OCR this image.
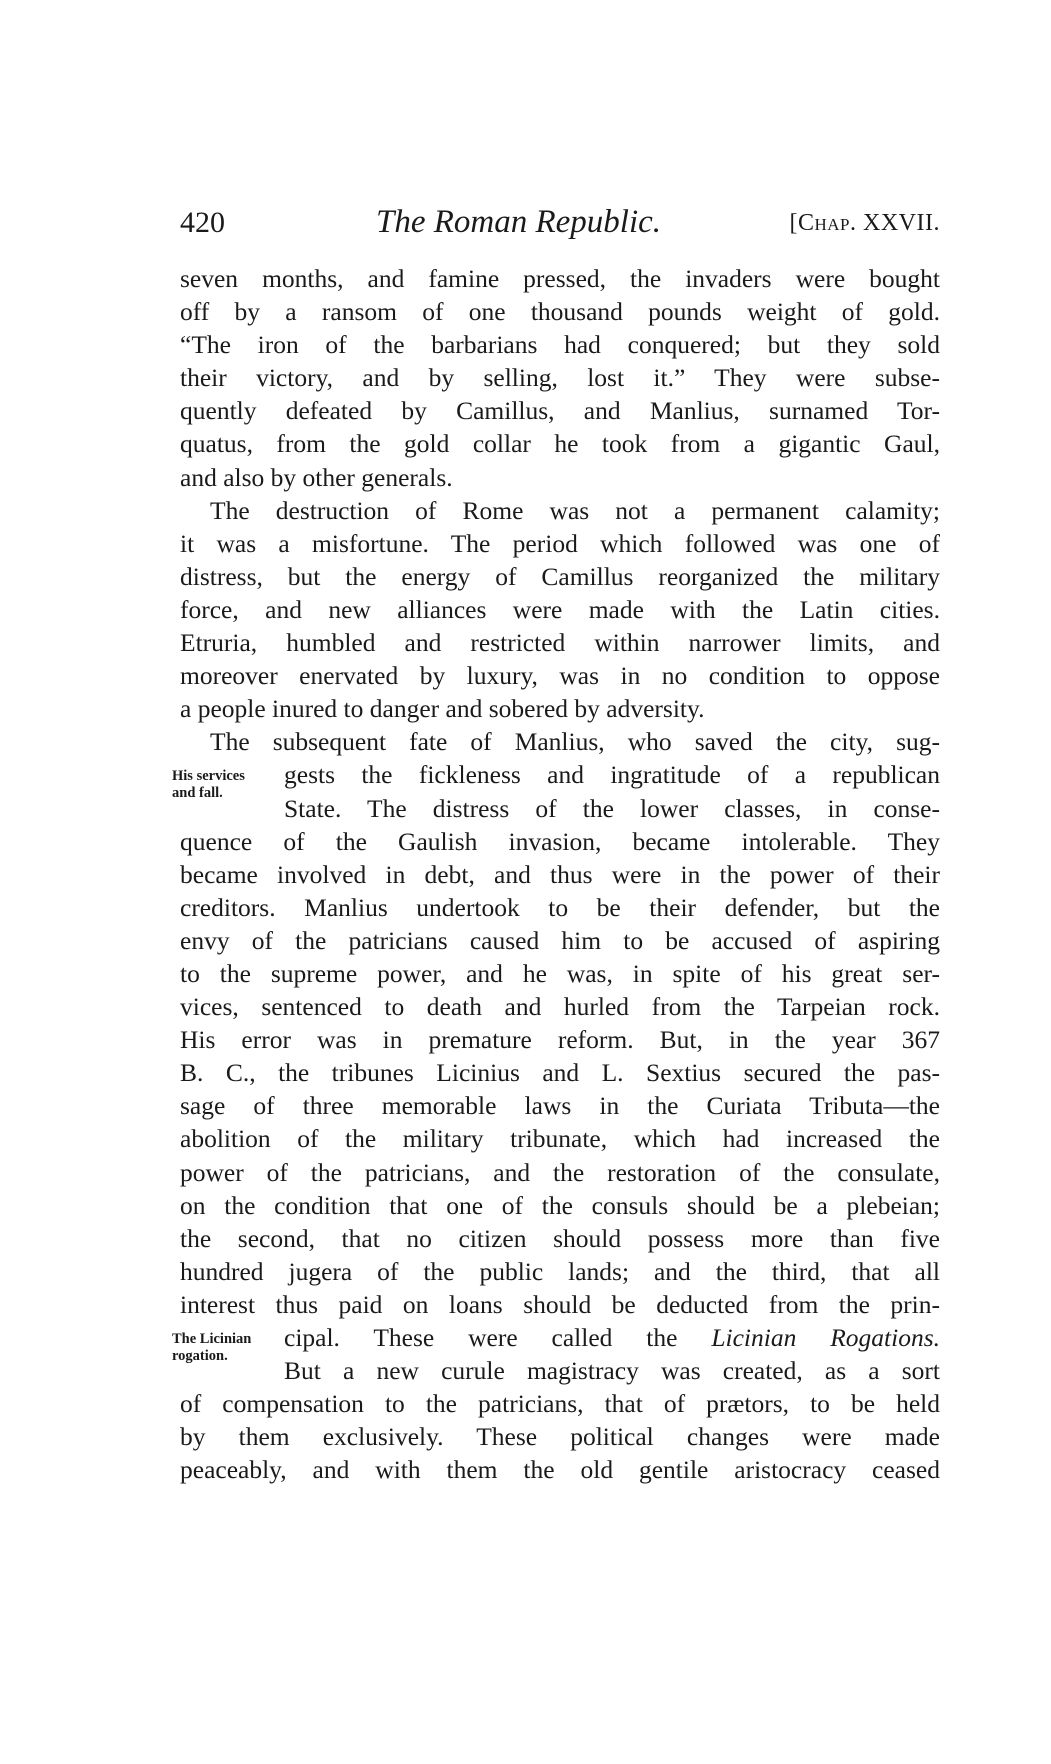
420	The Roman Republic.	[Chap. XXVII.

seven months, and famine pressed, the invaders were bought
off by a ransom of one thousand pounds weight of gold.
“The iron of the barbarians had conquered; but they sold
their victory, and by selling, lost it.” They were subse-
quently defeated by Camillus, and Manlius, surnamed Tor-
quatus, from the gold collar he took from a gigantic Gaul,
and also by other generals.

The destruction of Rome was not a permanent calamity;
it was a misfortune. The period which followed was one of
distress, but the energy of Camillus reorganized the military
force, and new alliances were made with the Latin cities.
Etruria, humbled and restricted within narrower limits, and
moreover enervated by luxury, was in no condition to oppose
a people inured to danger and sobered by adversity.

The subsequent fate of Manlius, who saved the city, sug-
His services
and fall.
gests the fickleness and ingratitude of a republican
State. The distress of the lower classes, in conse-
quence of the Gaulish invasion, became intolerable. They
became involved in debt, and thus were in the power of their
creditors. Manlius undertook to be their defender, but the
envy of the patricians caused him to be accused of aspiring
to the supreme power, and he was, in spite of his great ser-
vices, sentenced to death and hurled from the Tarpeian rock.
His error was in premature reform. But, in the year 367
B. C., the tribunes Licinius and L. Sextius secured the pas-
sage of three memorable laws in the Curiata Tributa—the
abolition of the military tribunate, which had increased the
power of the patricians, and the restoration of the consulate,
on the condition that one of the consuls should be a plebeian;
the second, that no citizen should possess more than five
hundred jugera of the public lands; and the third, that all
interest thus paid on loans should be deducted from the prin-
The Licinian
rogation.
cipal. These were called the Licinian Rogations.
But a new curule magistracy was created, as a sort
of compensation to the patricians, that of prætors, to be held
by them exclusively. These political changes were made
peaceably, and with them the old gentile aristocracy ceased
